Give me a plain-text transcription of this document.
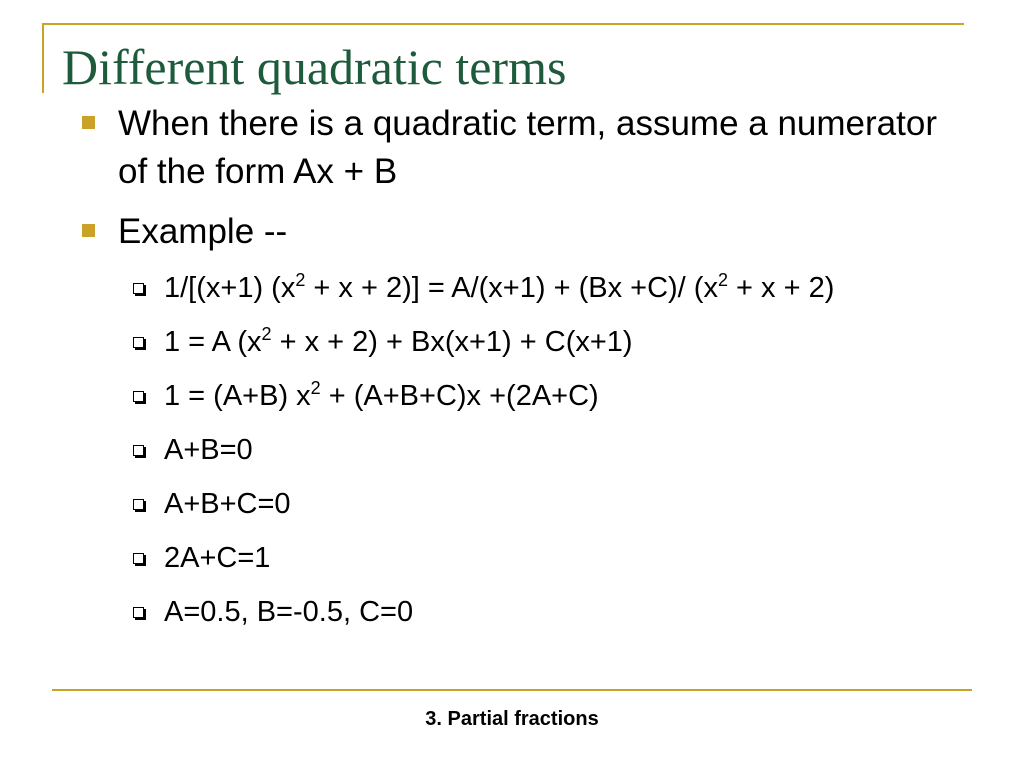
Different quadratic terms
When there is a quadratic term, assume a numerator of the form Ax + B
Example --
1/[(x+1) $(x^2 + x + 2)] = A/(x+1) + (Bx +C)/$ $(x^2 + x + 2)$
1 = A $(x^2 + x + 2) + Bx(x+1) + C(x+1)$
1 = (A+B) $x^2 + (A+B+C)x +(2A+C)$
A+B=0
A+B+C=0
2A+C=1
A=0.5, B=-0.5, C=0
3. Partial fractions
